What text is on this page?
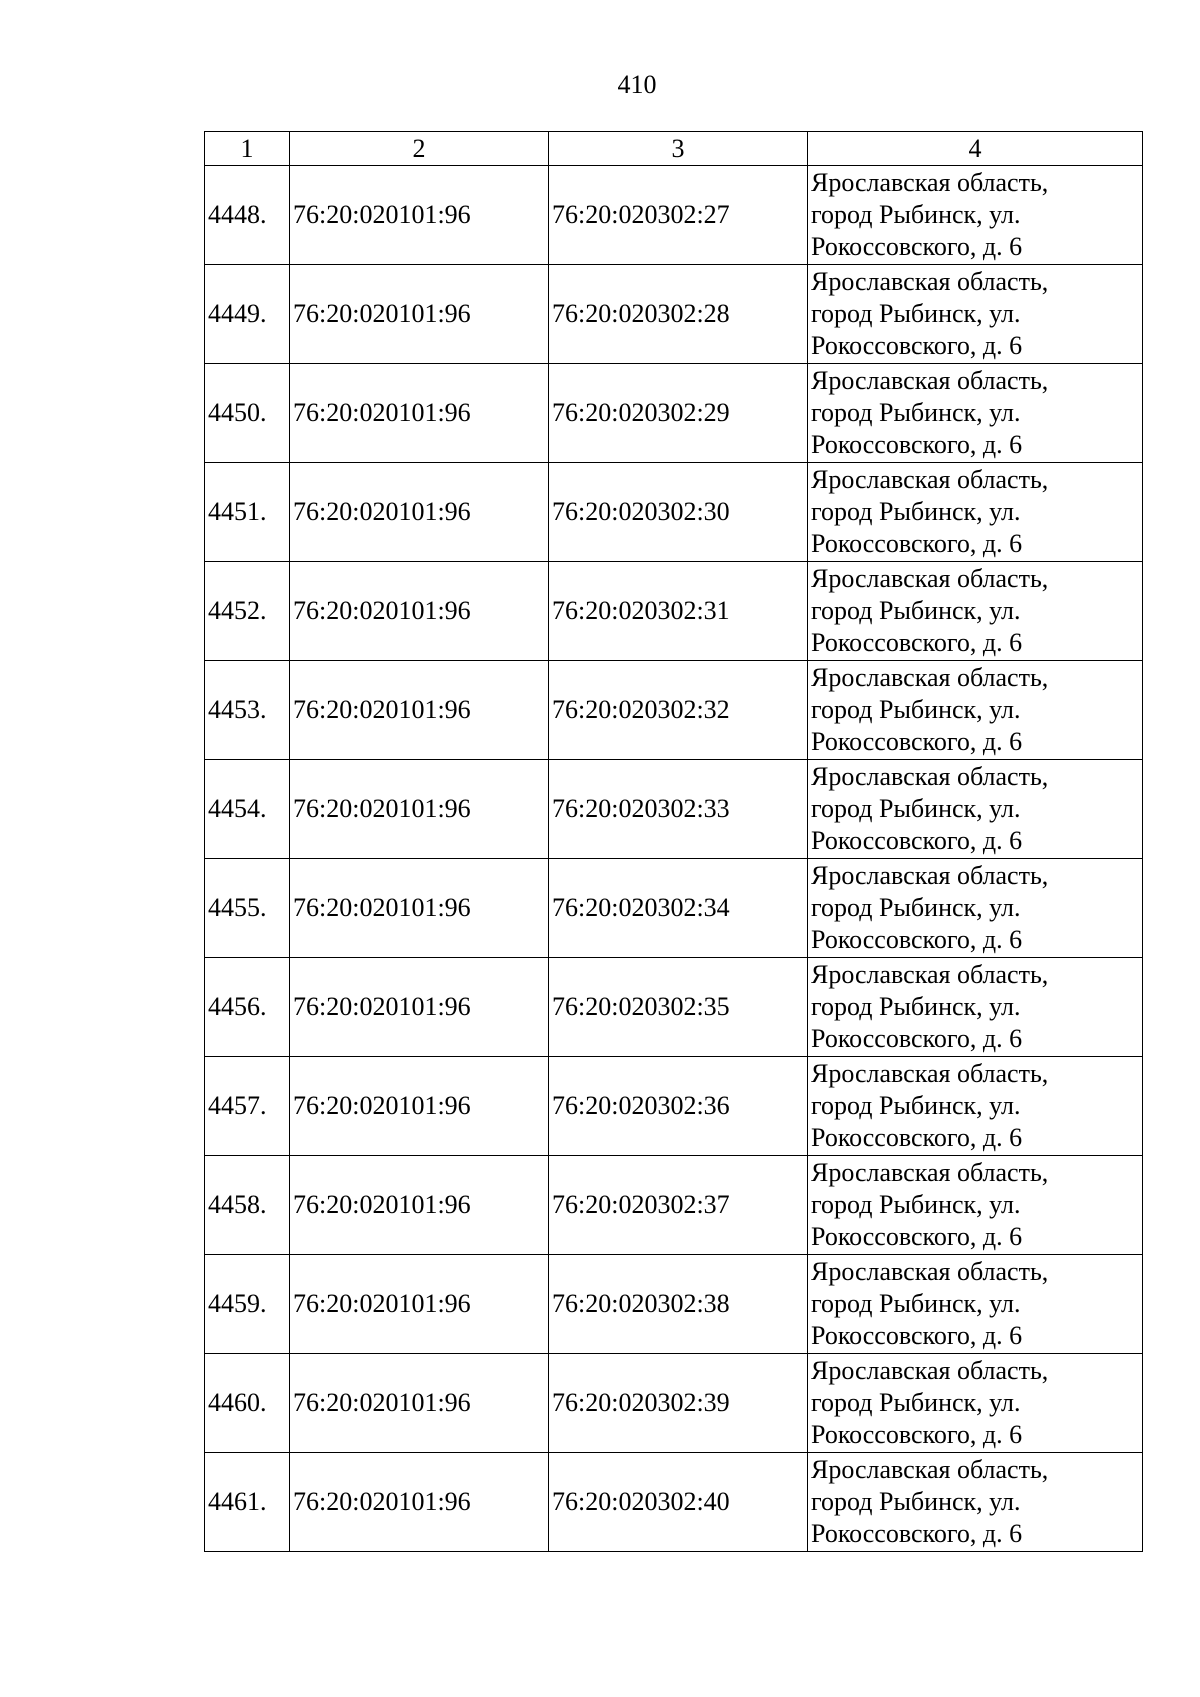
410
1	2	3	4
4448.	76:20:020101:96	76:20:020302:27	Ярославская область,
город Рыбинск, ул.
Рокоссовского, д. 6

4449.	76:20:020101:96	76:20:020302:28	Ярославская область,
город Рыбинск, ул.
Рокоссовского, д. 6

4450.	76:20:020101:96	76:20:020302:29	Ярославская область,
город Рыбинск, ул.
Рокоссовского, д. 6

4451.	76:20:020101:96	76:20:020302:30	Ярославская область,
город Рыбинск, ул.
Рокоссовского, д. 6

4452.	76:20:020101:96	76:20:020302:31	Ярославская область,
город Рыбинск, ул.
Рокоссовского, д. 6

4453.	76:20:020101:96	76:20:020302:32	Ярославская область,
город Рыбинск, ул.
Рокоссовского, д. 6

4454.	76:20:020101:96	76:20:020302:33	Ярославская область,
город Рыбинск, ул.
Рокоссовского, д. 6

4455.	76:20:020101:96	76:20:020302:34	Ярославская область,
город Рыбинск, ул.
Рокоссовского, д. 6

4456.	76:20:020101:96	76:20:020302:35	Ярославская область,
город Рыбинск, ул.
Рокоссовского, д. 6

4457.	76:20:020101:96	76:20:020302:36	Ярославская область,
город Рыбинск, ул.
Рокоссовского, д. 6

4458.	76:20:020101:96	76:20:020302:37	Ярославская область,
город Рыбинск, ул.
Рокоссовского, д. 6

4459.	76:20:020101:96	76:20:020302:38	Ярославская область,
город Рыбинск, ул.
Рокоссовского, д. 6

4460.	76:20:020101:96	76:20:020302:39	Ярославская область,
город Рыбинск, ул.
Рокоссовского, д. 6

4461.	76:20:020101:96	76:20:020302:40	Ярославская область,
город Рыбинск, ул.
Рокоссовского, д. 6
